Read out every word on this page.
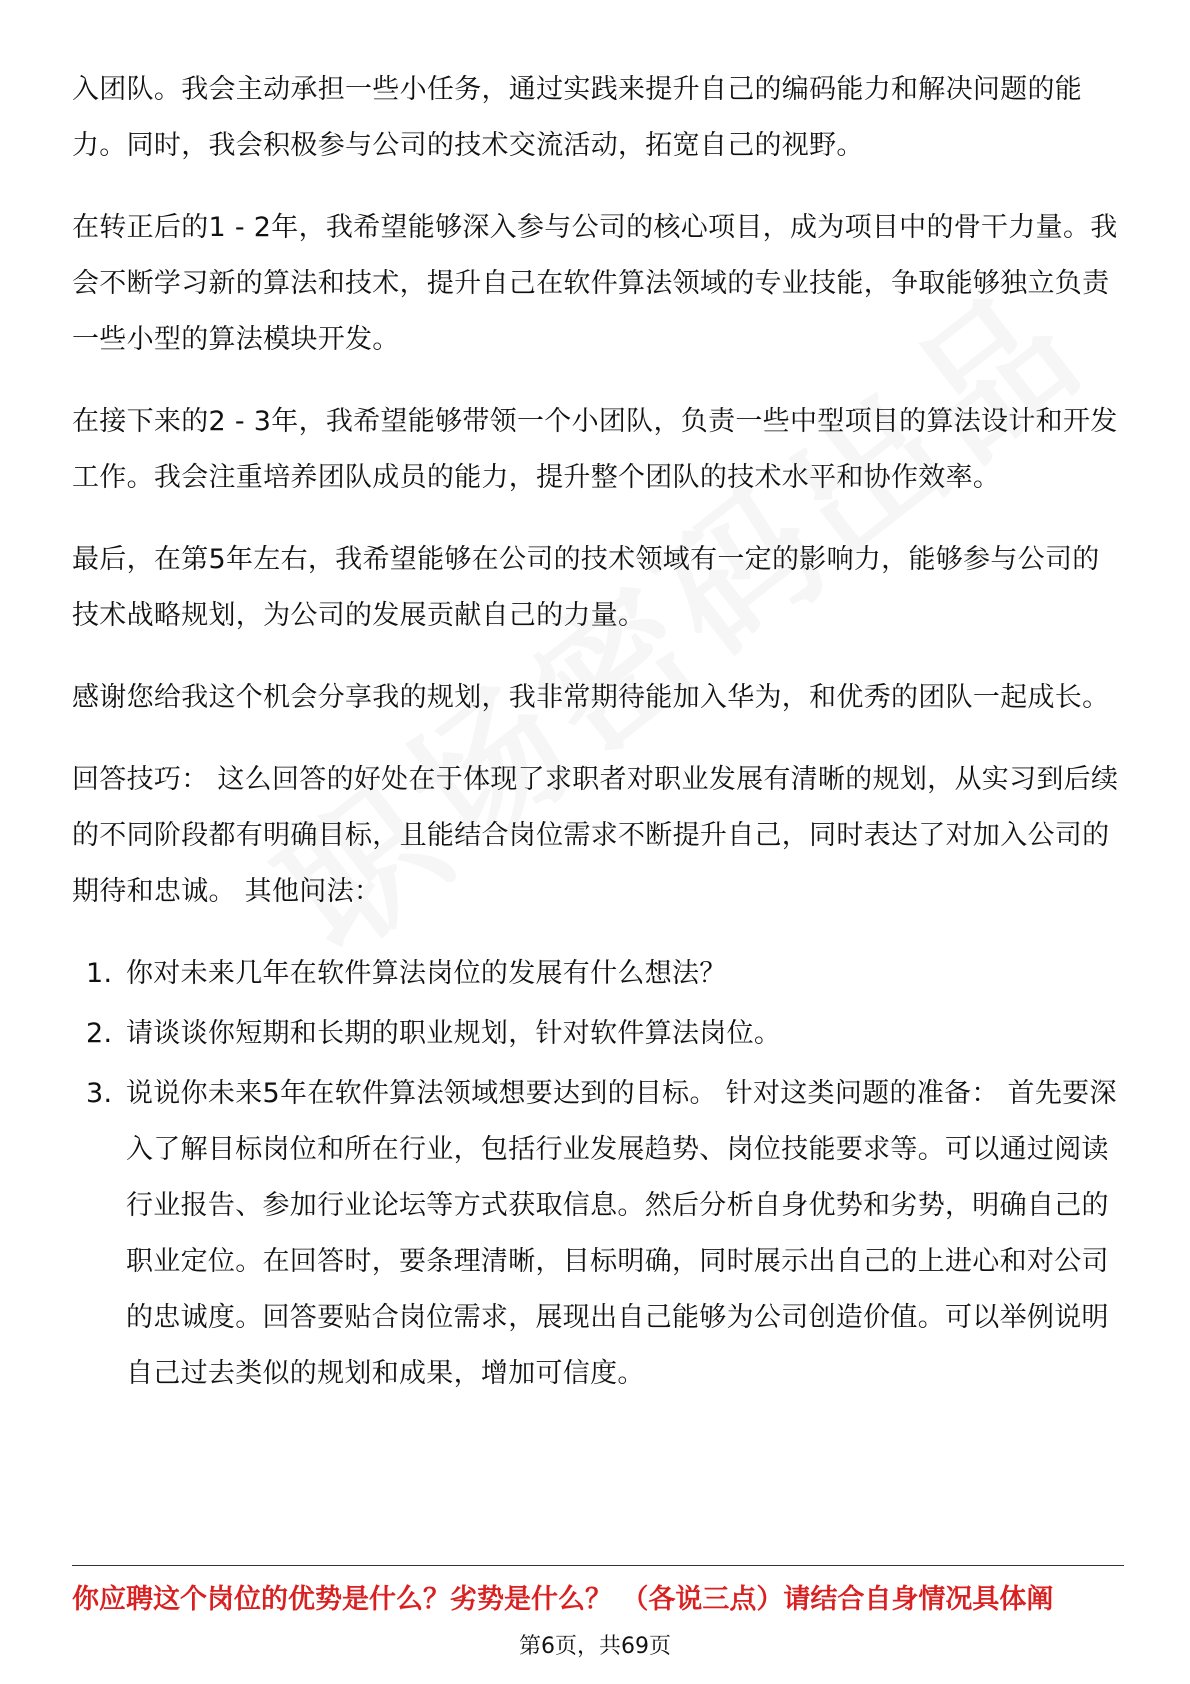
入团队。我会主动承担一些小任务，通过实践来提升自己的编码能力和解决问题的能力。同时，我会积极参与公司的技术交流活动，拓宽自己的视野。

在转正后的1 - 2年，我希望能够深入参与公司的核心项目，成为项目中的骨干力量。我会不断学习新的算法和技术，提升自己在软件算法领域的专业技能，争取能够独立负责一些小型的算法模块开发。

在接下来的2 - 3年，我希望能够带领一个小团队，负责一些中型项目的算法设计和开发工作。我会注重培养团队成员的能力，提升整个团队的技术水平和协作效率。

最后，在第5年左右，我希望能够在公司的技术领域有一定的影响力，能够参与公司的技术战略规划，为公司的发展贡献自己的力量。

感谢您给我这个机会分享我的规划，我非常期待能加入华为，和优秀的团队一起成长。

回答技巧： 这么回答的好处在于体现了求职者对职业发展有清晰的规划，从实习到后续的不同阶段都有明确目标，且能结合岗位需求不断提升自己，同时表达了对加入公司的期待和忠诚。 其他问法：

1. 你对未来几年在软件算法岗位的发展有什么想法？
2. 请谈谈你短期和长期的职业规划，针对软件算法岗位。
3. 说说你未来5年在软件算法领域想要达到的目标。 针对这类问题的准备： 首先要深入了解目标岗位和所在行业，包括行业发展趋势、岗位技能要求等。可以通过阅读行业报告、参加行业论坛等方式获取信息。然后分析自身优势和劣势，明确自己的职业定位。在回答时，要条理清晰，目标明确，同时展示出自己的上进心和对公司的忠诚度。回答要贴合岗位需求，展现出自己能够为公司创造价值。可以举例说明自己过去类似的规划和成果，增加可信度。
你应聘这个岗位的优势是什么？劣势是什么？ （各说三点）请结合自身情况具体阐
第6页，共69页
